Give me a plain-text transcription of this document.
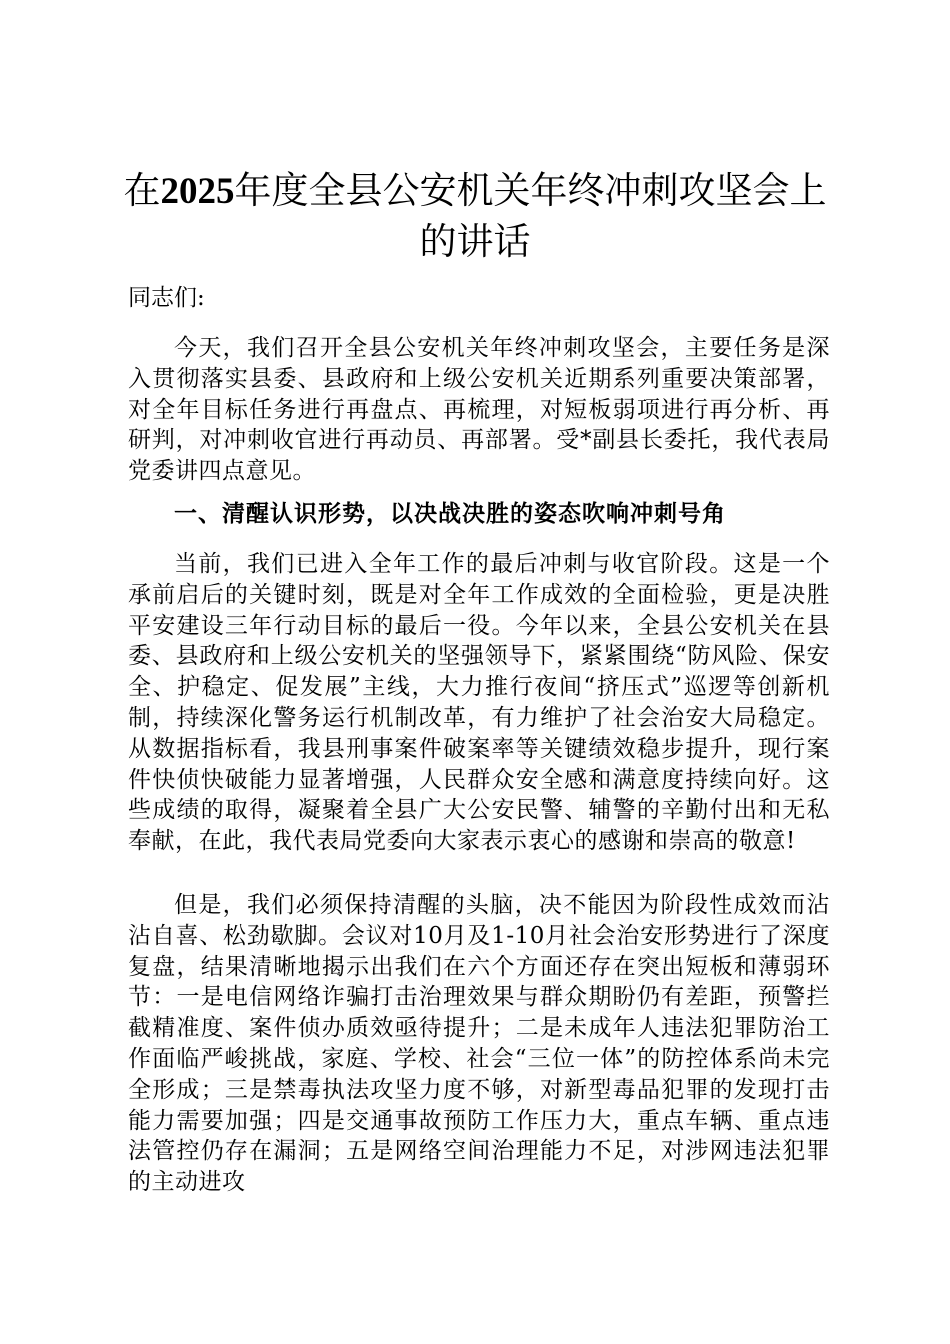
在2025年度全县公安机关年终冲刺攻坚会上的讲话

同志们:

今天，我们召开全县公安机关年终冲刺攻坚会，主要任务是深入贯彻落实县委、县政府和上级公安机关近期系列重要决策部署，对全年目标任务进行再盘点、再梳理，对短板弱项进行再分析、再研判，对冲刺收官进行再动员、再部署。受*副县长委托，我代表局党委讲四点意见。

一、清醒认识形势，以决战决胜的姿态吹响冲刺号角

当前，我们已进入全年工作的最后冲刺与收官阶段。这是一个承前启后的关键时刻，既是对全年工作成效的全面检验，更是决胜平安建设三年行动目标的最后一役。今年以来，全县公安机关在县委、县政府和上级公安机关的坚强领导下，紧紧围绕“防风险、保安全、护稳定、促发展”主线，大力推行夜间“挤压式”巡逻等创新机制，持续深化警务运行机制改革，有力维护了社会治安大局稳定。从数据指标看，我县刑事案件破案率等关键绩效稳步提升，现行案件快侦快破能力显著增强，人民群众安全感和满意度持续向好。这些成绩的取得，凝聚着全县广大公安民警、辅警的辛勤付出和无私奉献，在此，我代表局党委向大家表示衷心的感谢和崇高的敬意!

但是，我们必须保持清醒的头脑，决不能因为阶段性成效而沾沾自喜、松劲歇脚。会议对10月及1-10月社会治安形势进行了深度复盘，结果清晰地揭示出我们在六个方面还存在突出短板和薄弱环节：一是电信网络诈骗打击治理效果与群众期盼仍有差距，预警拦截精准度、案件侦办质效亟待提升；二是未成年人违法犯罪防治工作面临严峻挑战，家庭、学校、社会“三位一体”的防控体系尚未完全形成；三是禁毒执法攻坚力度不够，对新型毒品犯罪的发现打击能力需要加强；四是交通事故预防工作压力大，重点车辆、重点违法管控仍存在漏洞；五是网络空间治理能力不足，对涉网违法犯罪的主动进攻
